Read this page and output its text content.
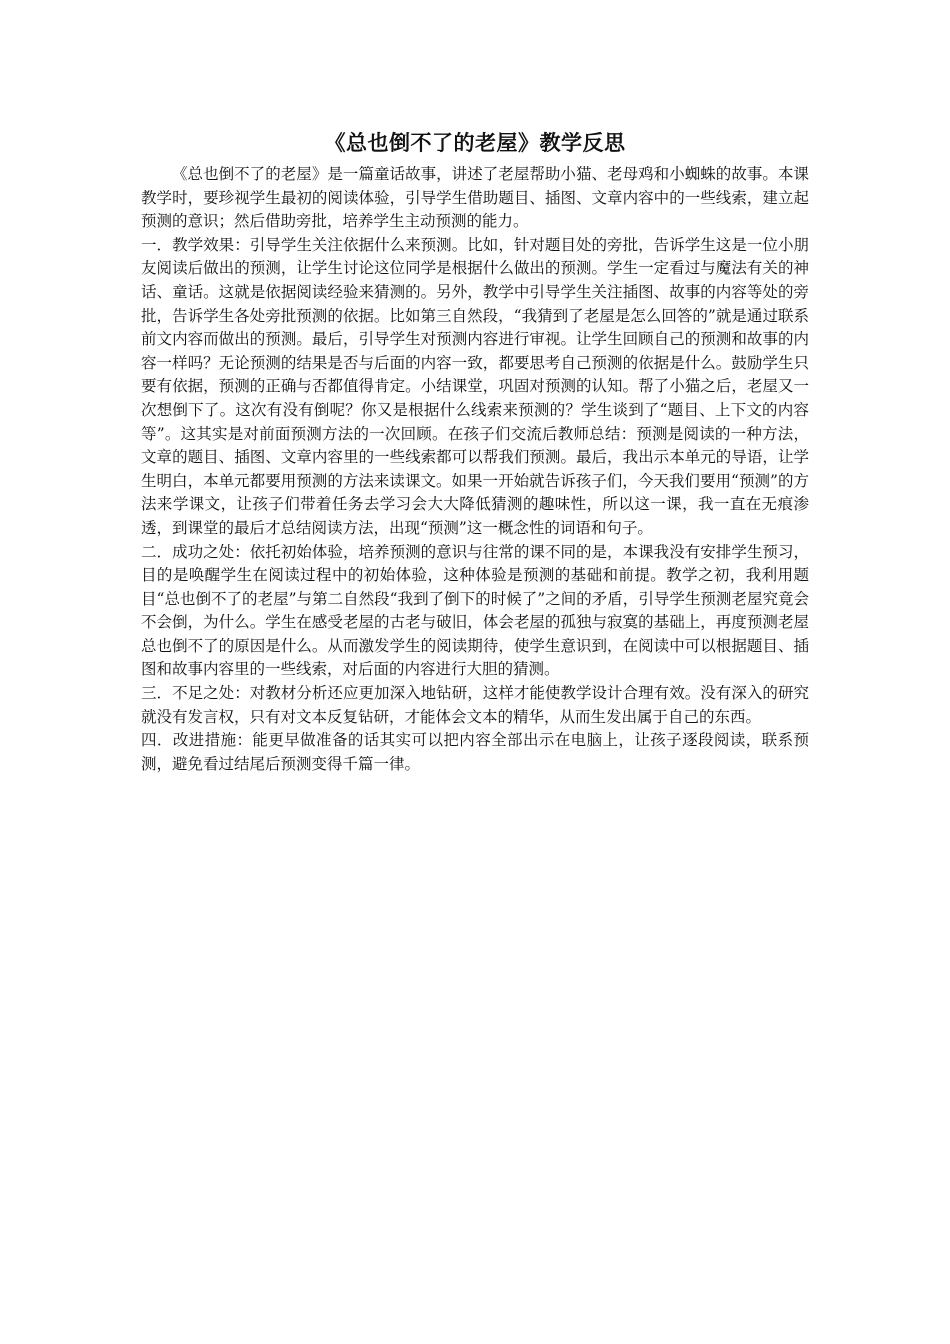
《总也倒不了的老屋》教学反思

《总也倒不了的老屋》是一篇童话故事，讲述了老屋帮助小猫、老母鸡和小蜘蛛的故事。本课教学时，要珍视学生最初的阅读体验，引导学生借助题目、插图、文章内容中的一些线索，建立起预测的意识；然后借助旁批，培养学生主动预测的能力。

一．教学效果：引导学生关注依据什么来预测。比如，针对题目处的旁批，告诉学生这是一位小朋友阅读后做出的预测，让学生讨论这位同学是根据什么做出的预测。学生一定看过与魔法有关的神话、童话。这就是依据阅读经验来猜测的。另外，教学中引导学生关注插图、故事的内容等处的旁批，告诉学生各处旁批预测的依据。比如第三自然段，“我猜到了老屋是怎么回答的”就是通过联系前文内容而做出的预测。最后，引导学生对预测内容进行审视。让学生回顾自己的预测和故事的内容一样吗？无论预测的结果是否与后面的内容一致，都要思考自己预测的依据是什么。鼓励学生只要有依据，预测的正确与否都值得肯定。小结课堂，巩固对预测的认知。帮了小猫之后，老屋又一次想倒下了。这次有没有倒呢？你又是根据什么线索来预测的？学生谈到了“题目、上下文的内容等”。这其实是对前面预测方法的一次回顾。在孩子们交流后教师总结：预测是阅读的一种方法，文章的题目、插图、文章内容里的一些线索都可以帮我们预测。最后，我出示本单元的导语，让学生明白，本单元都要用预测的方法来读课文。如果一开始就告诉孩子们，今天我们要用“预测”的方法来学课文，让孩子们带着任务去学习会大大降低猜测的趣味性，所以这一课，我一直在无痕渗透，到课堂的最后才总结阅读方法，出现“预测”这一概念性的词语和句子。

二．成功之处：依托初始体验，培养预测的意识与往常的课不同的是，本课我没有安排学生预习，目的是唤醒学生在阅读过程中的初始体验，这种体验是预测的基础和前提。教学之初，我利用题目“总也倒不了的老屋”与第二自然段“我到了倒下的时候了”之间的矛盾，引导学生预测老屋究竟会不会倒，为什么。学生在感受老屋的古老与破旧，体会老屋的孤独与寂寞的基础上，再度预测老屋总也倒不了的原因是什么。从而激发学生的阅读期待，使学生意识到，在阅读中可以根据题目、插图和故事内容里的一些线索，对后面的内容进行大胆的猜测。

三．不足之处：对教材分析还应更加深入地钻研，这样才能使教学设计合理有效。没有深入的研究就没有发言权，只有对文本反复钻研，才能体会文本的精华，从而生发出属于自己的东西。

四．改进措施：能更早做准备的话其实可以把内容全部出示在电脑上，让孩子逐段阅读，联系预测，避免看过结尾后预测变得千篇一律。
